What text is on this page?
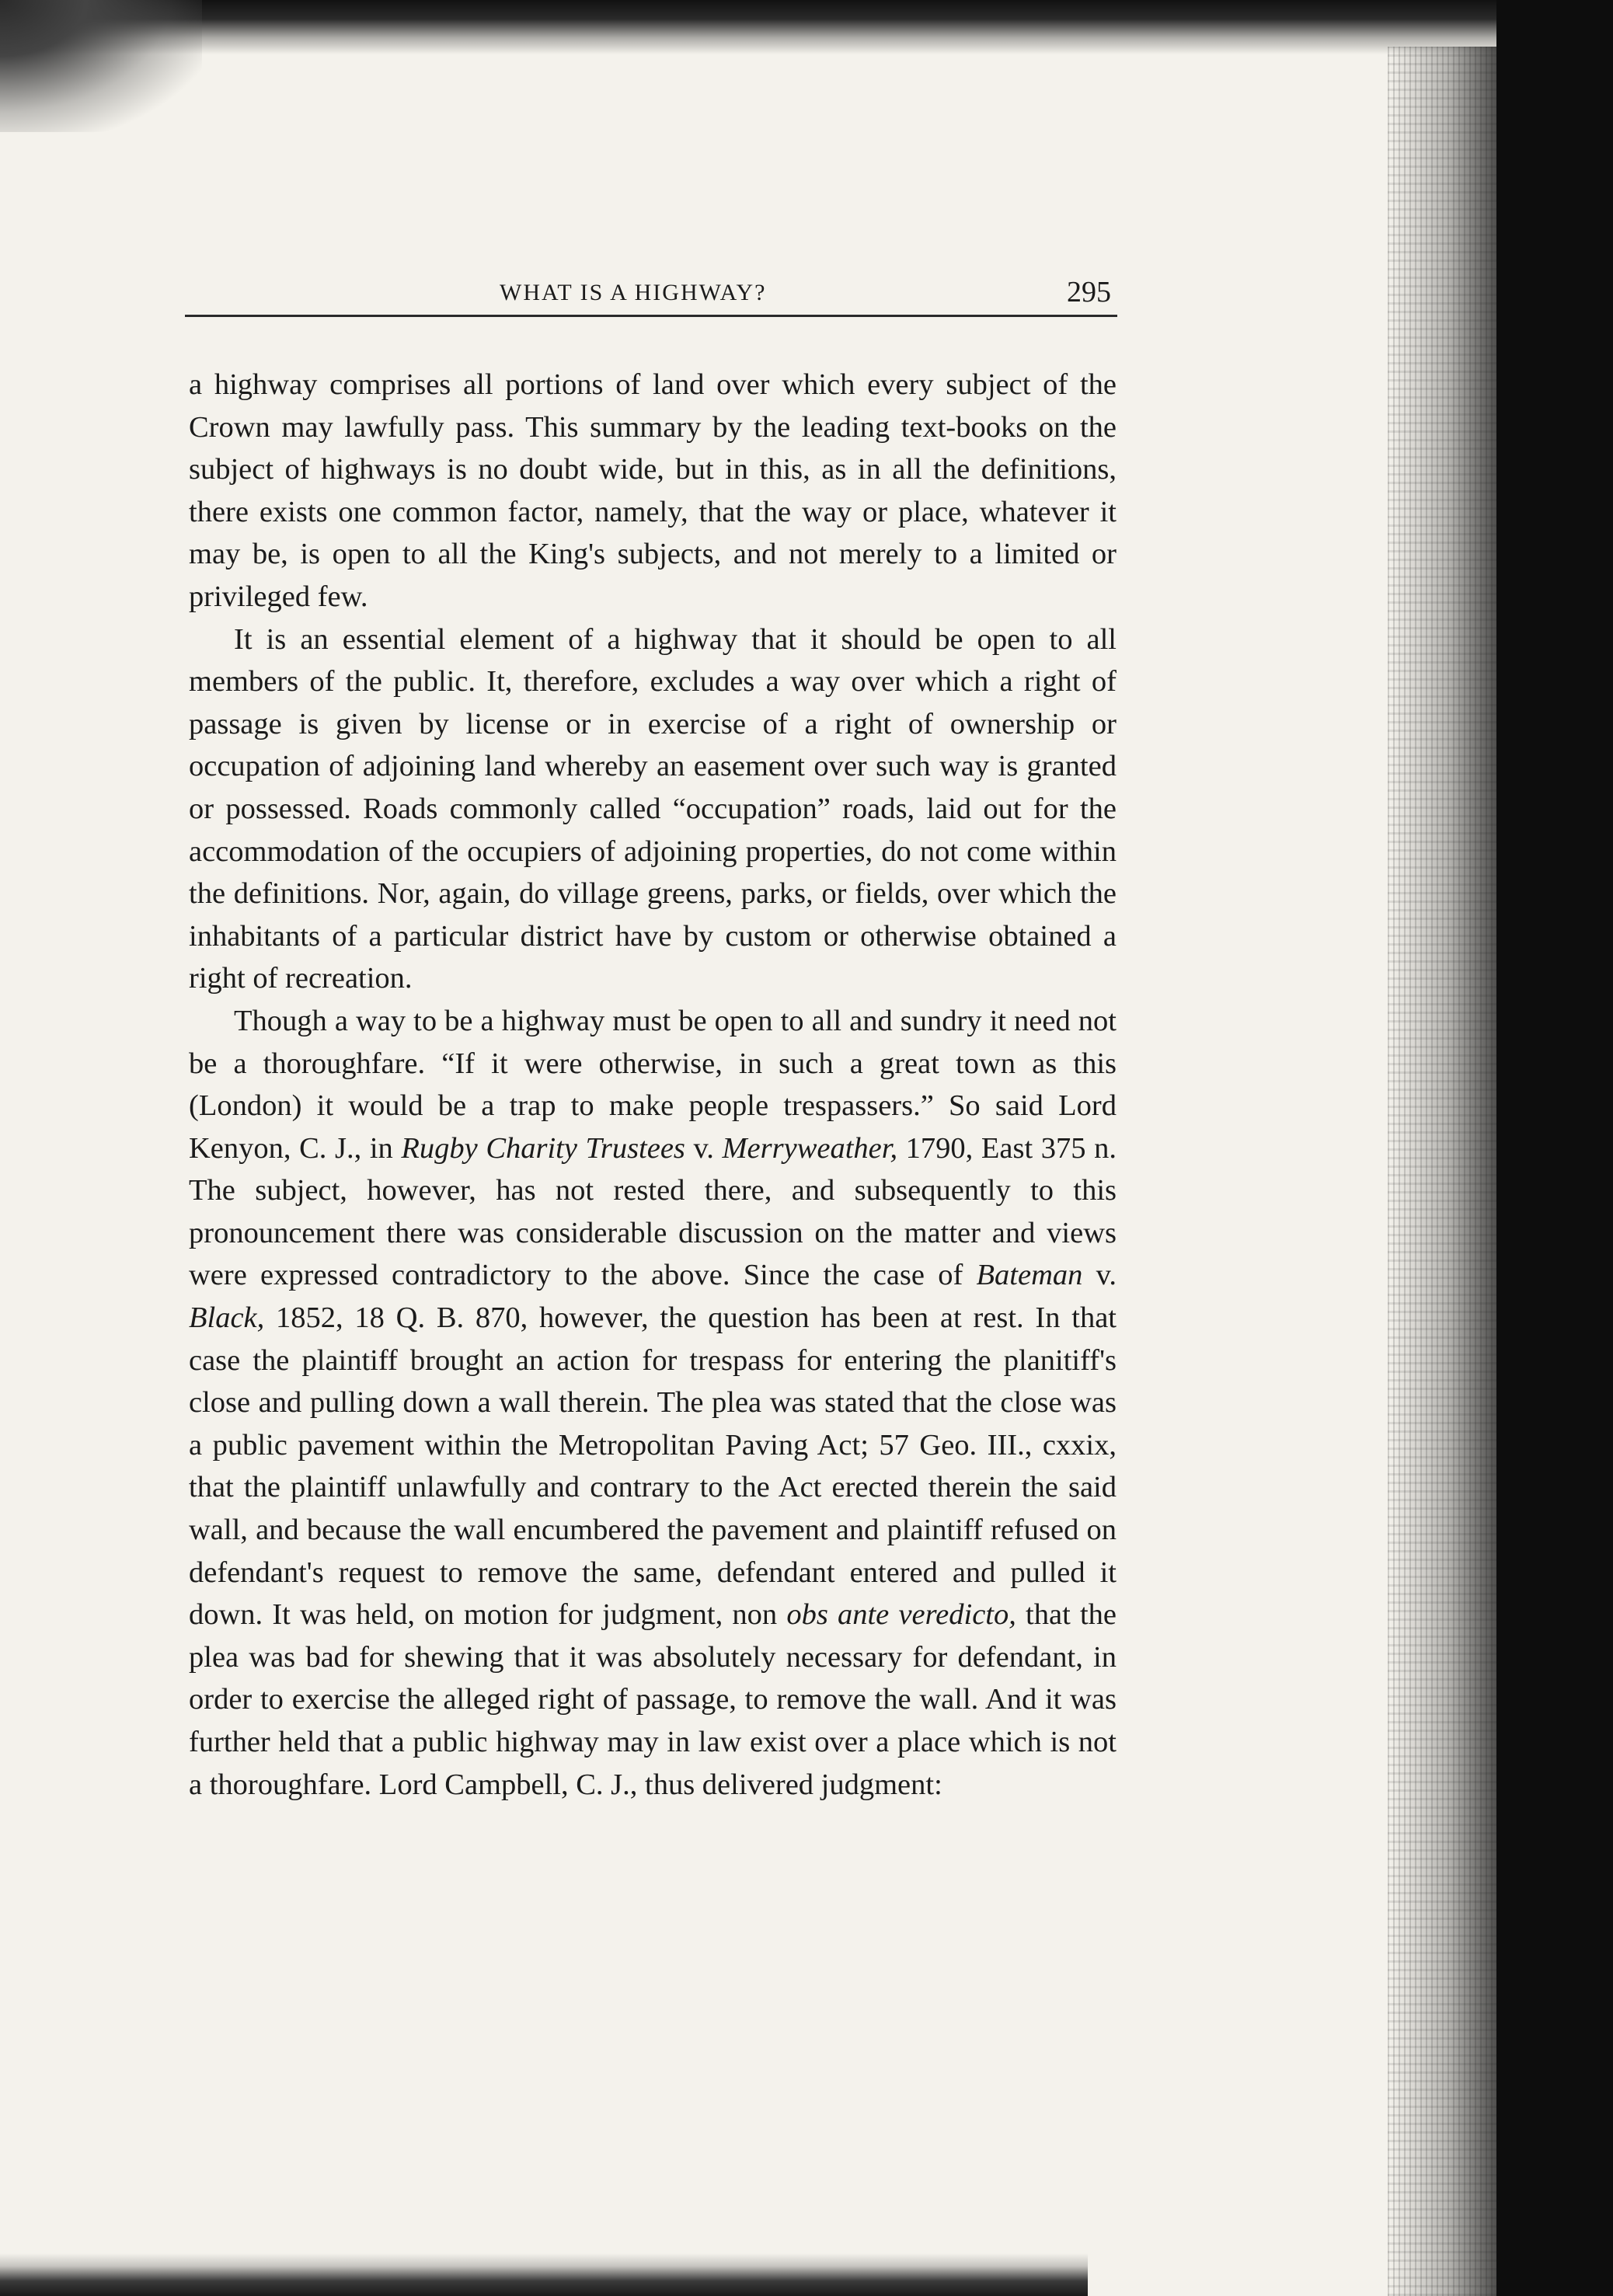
WHAT IS A HIGHWAY?	295

a highway comprises all portions of land over which every subject of the Crown may lawfully pass. This summary by the leading text-books on the subject of highways is no doubt wide, but in this, as in all the definitions, there exists one common factor, namely, that the way or place, whatever it may be, is open to all the King's subjects, and not merely to a limited or privileged few.

It is an essential element of a highway that it should be open to all members of the public. It, therefore, excludes a way over which a right of passage is given by license or in exercise of a right of ownership or occupation of adjoining land whereby an easement over such way is granted or possessed. Roads commonly called “occupation” roads, laid out for the accommodation of the occupiers of adjoining properties, do not come within the definitions. Nor, again, do village greens, parks, or fields, over which the inhabitants of a particular district have by custom or otherwise obtained a right of recreation.

Though a way to be a highway must be open to all and sundry it need not be a thoroughfare. “If it were otherwise, in such a great town as this (London) it would be a trap to make people trespassers.” So said Lord Kenyon, C. J., in Rugby Charity Trustees v. Merryweather, 1790, East 375 n. The subject, however, has not rested there, and subsequently to this pronouncement there was considerable discussion on the matter and views were expressed contradictory to the above. Since the case of Bateman v. Black, 1852, 18 Q. B. 870, however, the question has been at rest. In that case the plaintiff brought an action for trespass for entering the planitiff's close and pulling down a wall therein. The plea was stated that the close was a public pavement within the Metropolitan Paving Act; 57 Geo. III., cxxix, that the plaintiff unlawfully and contrary to the Act erected therein the said wall, and because the wall encumbered the pavement and plaintiff refused on defendant's request to remove the same, defendant entered and pulled it down. It was held, on motion for judgment, non obs ante veredicto, that the plea was bad for shewing that it was absolutely necessary for defendant, in order to exercise the alleged right of passage, to remove the wall. And it was further held that a public highway may in law exist over a place which is not a thoroughfare. Lord Campbell, C. J., thus delivered judgment:
